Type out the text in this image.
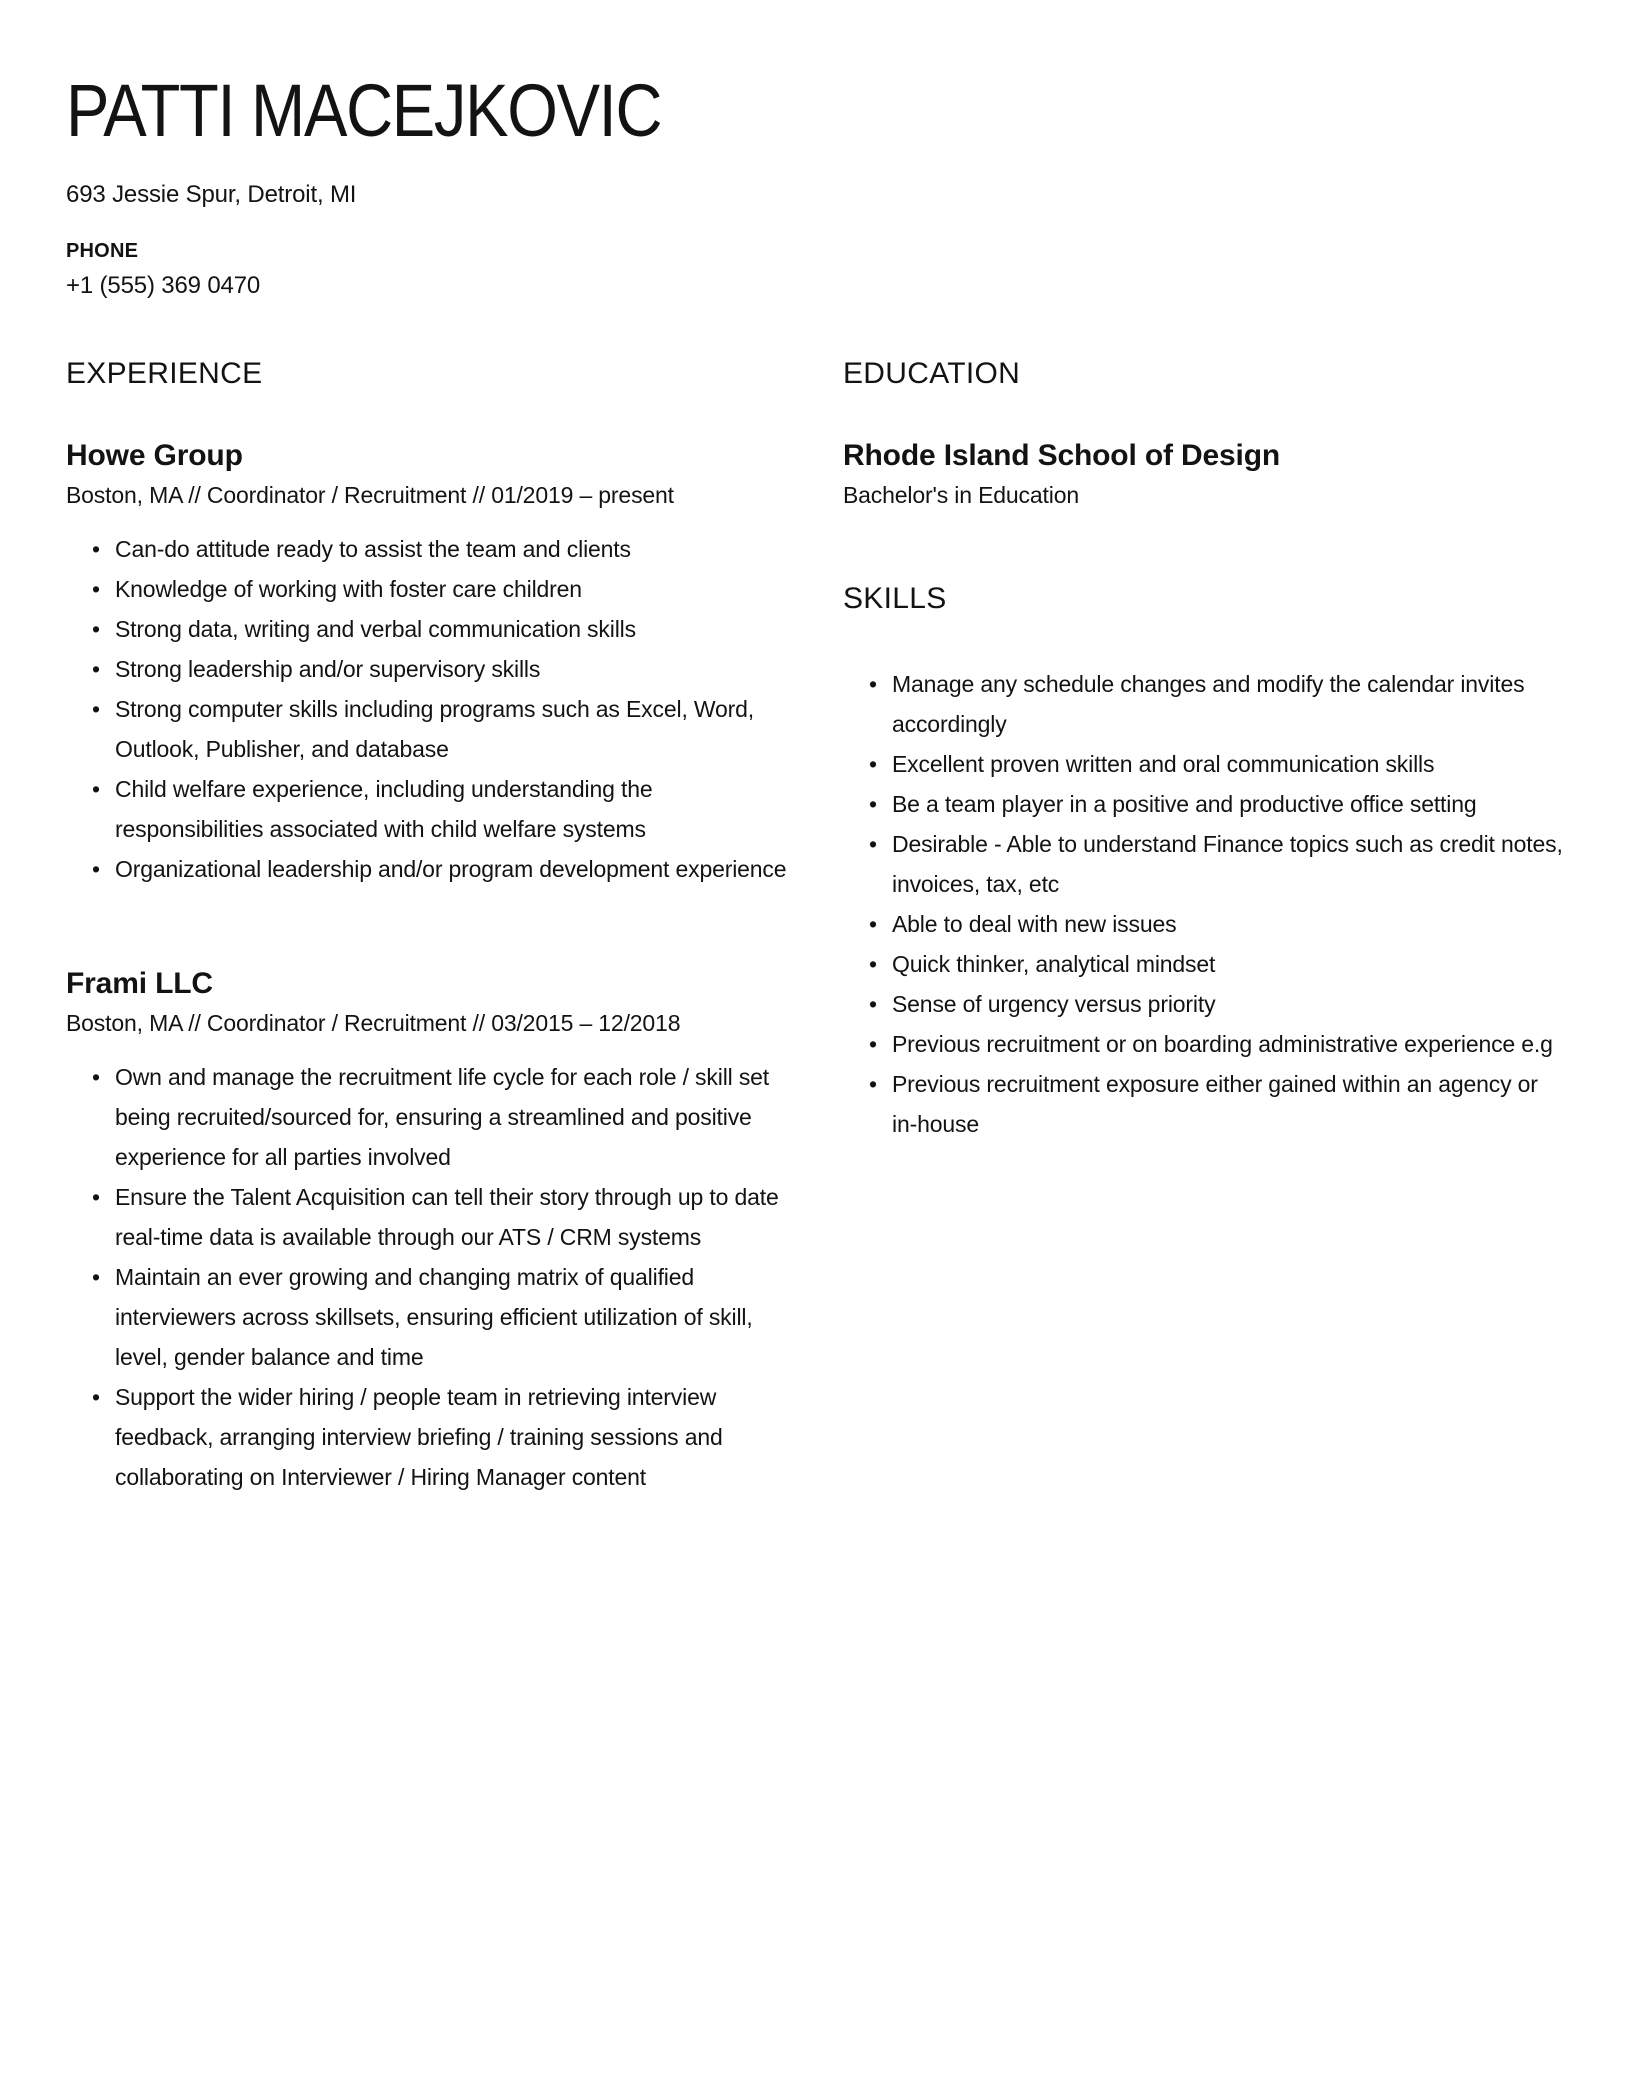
PATTI MACEJKOVIC

693 Jessie Spur, Detroit, MI

PHONE

+1 (555) 369 0470

EXPERIENCE
Howe Group

Boston, MA // Coordinator / Recruitment // 01/2019 – present

• Can-do attitude ready to assist the team and clients
• Knowledge of working with foster care children
• Strong data, writing and verbal communication skills
• Strong leadership and/or supervisory skills
• Strong computer skills including programs such as Excel, Word, Outlook, Publisher, and database
• Child welfare experience, including understanding the responsibilities associated with child welfare systems
• Organizational leadership and/or program development experience
Frami LLC

Boston, MA // Coordinator / Recruitment // 03/2015 – 12/2018

• Own and manage the recruitment life cycle for each role / skill set being recruited/sourced for, ensuring a streamlined and positive experience for all parties involved
• Ensure the Talent Acquisition can tell their story through up to date real-time data is available through our ATS / CRM systems
• Maintain an ever growing and changing matrix of qualified interviewers across skillsets, ensuring efficient utilization of skill, level, gender balance and time
• Support the wider hiring / people team in retrieving interview feedback, arranging interview briefing / training sessions and collaborating on Interviewer / Hiring Manager content
EDUCATION
Rhode Island School of Design

Bachelor's in Education

SKILLS
• Manage any schedule changes and modify the calendar invites accordingly
• Excellent proven written and oral communication skills
• Be a team player in a positive and productive office setting
• Desirable - Able to understand Finance topics such as credit notes, invoices, tax, etc
• Able to deal with new issues
• Quick thinker, analytical mindset
• Sense of urgency versus priority
• Previous recruitment or on boarding administrative experience e.g
• Previous recruitment exposure either gained within an agency or in-house
